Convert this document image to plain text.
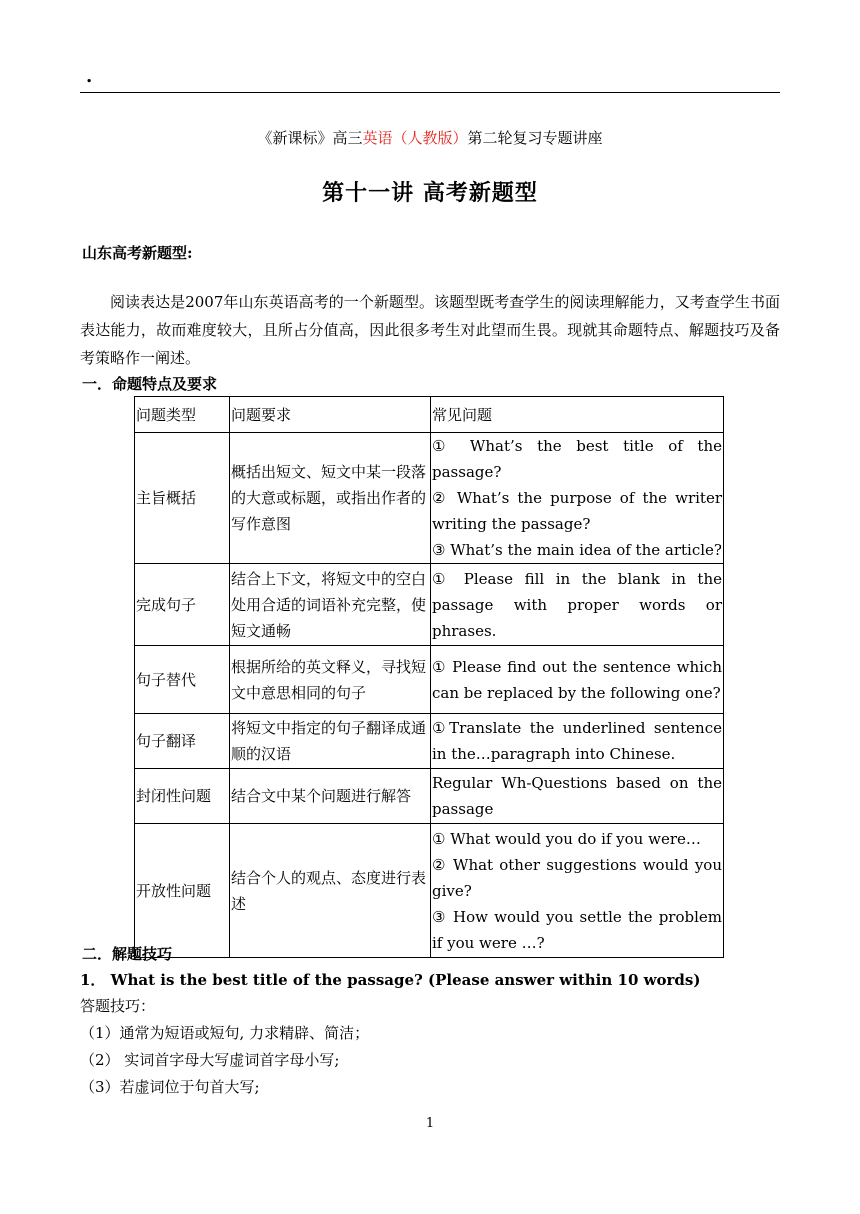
.
《新课标》高三英语（人教版）第二轮复习专题讲座
第十一讲 高考新题型
山东高考新题型:

阅读表达是2007年山东英语高考的一个新题型。该题型既考查学生的阅读理解能力，又考查学生书面表达能力，故而难度较大，且所占分值高，因此很多考生对此望而生畏。现就其命题特点、解题技巧及备考策略作一阐述。

一．命题特点及要求
问题类型	问题要求	常见问题
主旨概括	概括出短文、短文中某一段落的大意或标题，或指出作者的写作意图	① What’s the best title of the passage?
② What’s the purpose of the writer writing the passage?
③ What’s the main idea of the article?

完成句子	结合上下文，将短文中的空白处用合适的词语补充完整，使短文通畅	① Please fill in the blank in the passage with proper words or phrases.

句子替代	根据所给的英文释义，寻找短文中意思相同的句子	① Please find out the sentence which can be replaced by the following one?

句子翻译	将短文中指定的句子翻译成通顺的汉语	①Translate the underlined sentence in the…paragraph into Chinese.

封闭性问题	结合文中某个问题进行解答	Regular Wh-Questions based on the passage

开放性问题	结合个人的观点、态度进行表述	① What would you do if you were…
② What other suggestions would you give?
③ How would you settle the problem if you were …?
二．解题技巧
1． What is the best title of the passage? (Please answer within 10 words)
答题技巧：
（1）通常为短语或短句, 力求精辟、简洁；
（2） 实词首字母大写虚词首字母小写;
（3）若虚词位于句首大写;
1
